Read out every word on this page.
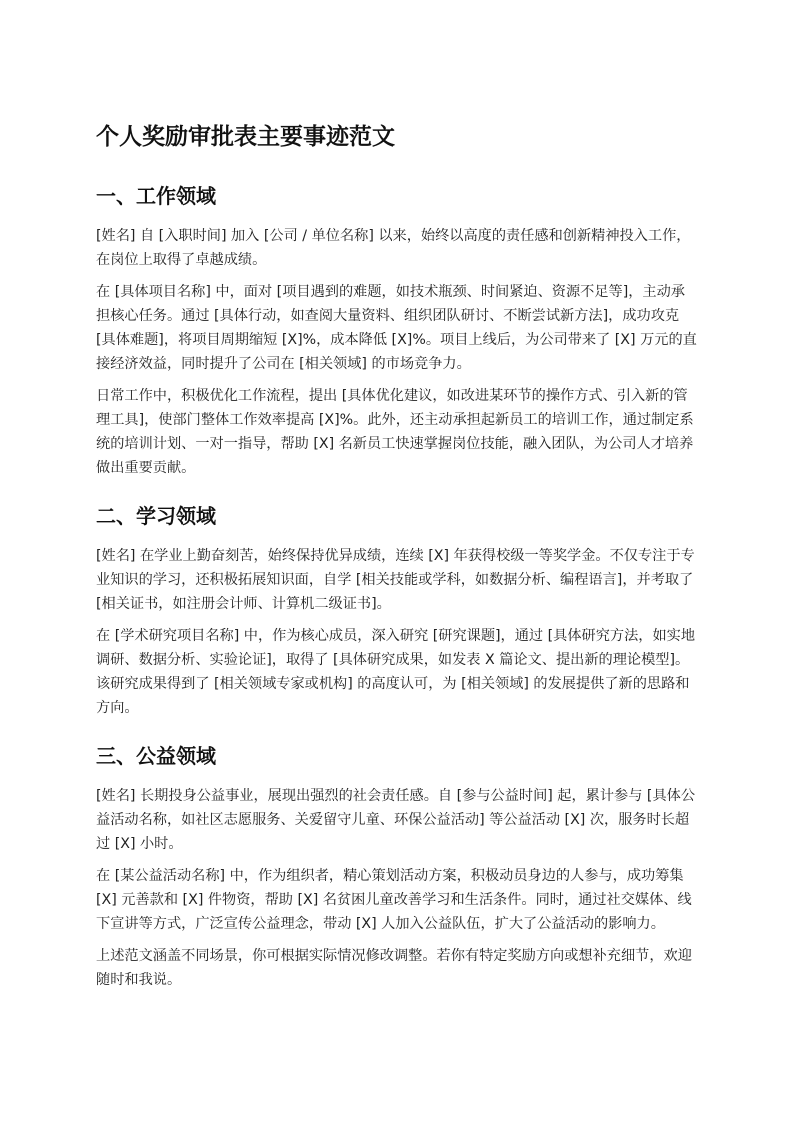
个人奖励审批表主要事迹范文
一、工作领域

[姓名] 自 [入职时间] 加入 [公司 / 单位名称] 以来，始终以高度的责任感和创新精神投入工作，在岗位上取得了卓越成绩。

在 [具体项目名称] 中，面对 [项目遇到的难题，如技术瓶颈、时间紧迫、资源不足等]，主动承担核心任务。通过 [具体行动，如查阅大量资料、组织团队研讨、不断尝试新方法]，成功攻克 [具体难题]，将项目周期缩短 [X]%，成本降低 [X]%。项目上线后，为公司带来了 [X] 万元的直接经济效益，同时提升了公司在 [相关领域] 的市场竞争力。

日常工作中，积极优化工作流程，提出 [具体优化建议，如改进某环节的操作方式、引入新的管理工具]，使部门整体工作效率提高 [X]%。此外，还主动承担起新员工的培训工作，通过制定系统的培训计划、一对一指导，帮助 [X] 名新员工快速掌握岗位技能，融入团队，为公司人才培养做出重要贡献。

二、学习领域

[姓名] 在学业上勤奋刻苦，始终保持优异成绩，连续 [X] 年获得校级一等奖学金。不仅专注于专业知识的学习，还积极拓展知识面，自学 [相关技能或学科，如数据分析、编程语言]，并考取了 [相关证书，如注册会计师、计算机二级证书]。

在 [学术研究项目名称] 中，作为核心成员，深入研究 [研究课题]，通过 [具体研究方法，如实地调研、数据分析、实验论证]，取得了 [具体研究成果，如发表 X 篇论文、提出新的理论模型]。该研究成果得到了 [相关领域专家或机构] 的高度认可，为 [相关领域] 的发展提供了新的思路和方向。

三、公益领域

[姓名] 长期投身公益事业，展现出强烈的社会责任感。自 [参与公益时间] 起，累计参与 [具体公益活动名称，如社区志愿服务、关爱留守儿童、环保公益活动] 等公益活动 [X] 次，服务时长超过 [X] 小时。

在 [某公益活动名称] 中，作为组织者，精心策划活动方案，积极动员身边的人参与，成功筹集 [X] 元善款和 [X] 件物资，帮助 [X] 名贫困儿童改善学习和生活条件。同时，通过社交媒体、线下宣讲等方式，广泛宣传公益理念，带动 [X] 人加入公益队伍，扩大了公益活动的影响力。

上述范文涵盖不同场景，你可根据实际情况修改调整。若你有特定奖励方向或想补充细节，欢迎随时和我说。
